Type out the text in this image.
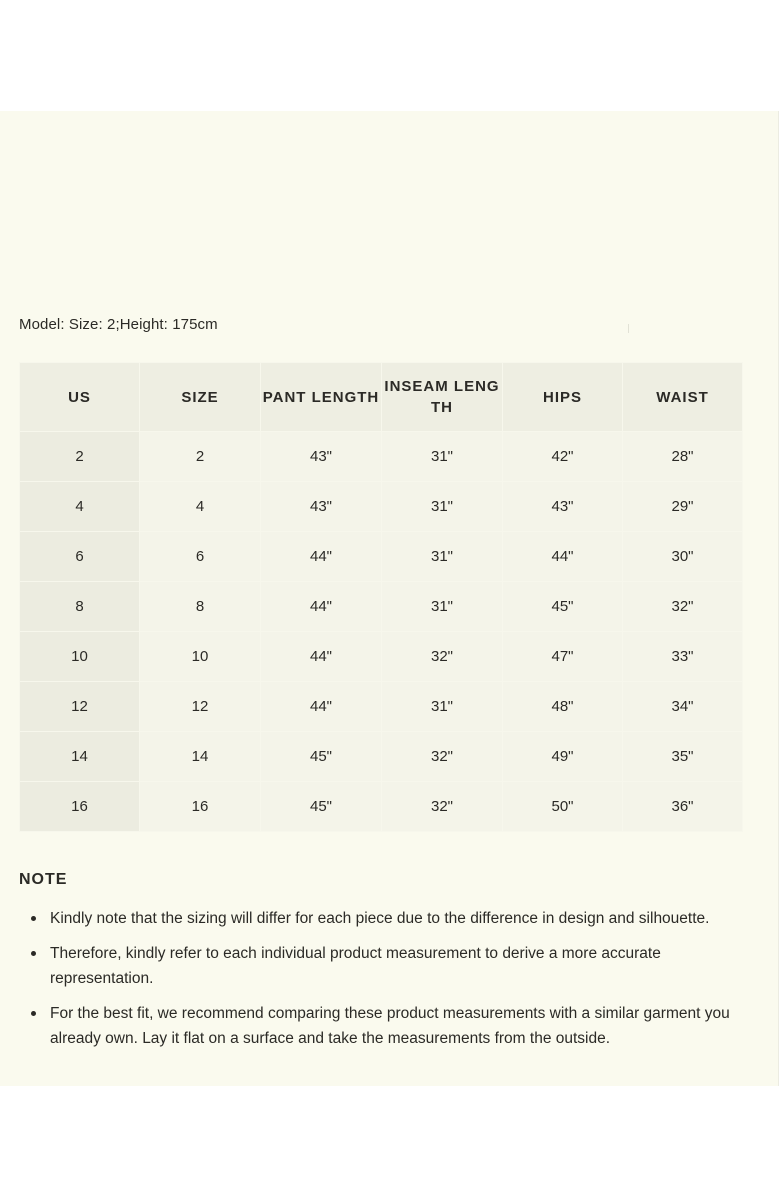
Model: Size: 2;Height: 175cm
US	SIZE	PANT LENGTH	INSEAM LENG TH	HIPS	WAIST
2	2	43"	31"	42"	28"
4	4	43"	31"	43"	29"
6	6	44"	31"	44"	30"
8	8	44"	31"	45"	32"
10	10	44"	32"	47"	33"
12	12	44"	31"	48"	34"
14	14	45"	32"	49"	35"
16	16	45"	32"	50"	36"
NOTE
Kindly note that the sizing will differ for each piece due to the difference in design and silhouette.
Therefore, kindly refer to each individual product measurement to derive a more accurate representation.
For the best fit, we recommend comparing these product measurements with a similar garment you already own. Lay it flat on a surface and take the measurements from the outside.
